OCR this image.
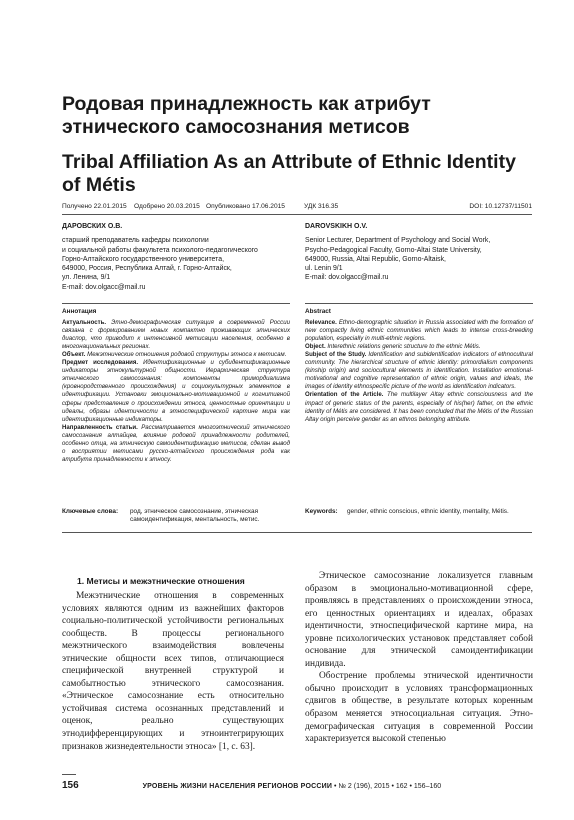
Родовая принадлежность как атрибут этнического самосознания метисов
Tribal Affiliation As an Attribute of Ethnic Identity of Métis
Получено 22.01.2015 Одобрено 20.03.2015 Опубликовано 17.06.2015	УДК 316.35	DOI: 10.12737/11501
ДАРОВСКИХ О.В.
старший преподаватель кафедры психологии
и социальной работы факультета психолого-педагогического
Горно-Алтайского государственного университета,
649000, Россия, Республика Алтай, г. Горно-Алтайск,
ул. Ленина, 9/1
E-mail: dov.olgacc@mail.ru
DAROVSKIKH O.V.
Senior Lecturer, Department of Psychology and Social Work,
Psycho-Pedagogical Faculty, Gorno-Altai State University,
649000, Russia, Altai Republic, Gorno-Altaisk,
ul. Lenin 9/1
E-mail: dov.olgacc@mail.ru
Аннотация
Актуальность. Этно-демографическая ситуация в современной России связана с формированием новых компактно проживающих этнических диаспор, что приводит к интенсивной метисации населения, особенно в многонациональных регионах.
Объект. Межэтнические отношения родовой структуры этноса к метисам.
Предмет исследования. Идентификационные и субидентификационные индикаторы этнокультурной общности. Иерархическая структура этнического самосознания: компоненты примордиализма (кровнородственного происхождения) и социокультурных элементов в идентификации. Установки эмоционально-мотивационной и когнитивной сферы представления о происхождении этноса, ценностные ориентации и идеалы, образы идентичности в этноспецифической картине мира как идентификационные индикаторы.
Направленность статьи. Рассматривается многоэтнический этнического самосознания алтайцев, влияние родовой принадлежности родителей, особенно отца, на этническую самоидентификацию метисов, сделан вывод о восприятии метисами русско-алтайского происхождения рода как атрибута принадлежности к этносу.
Abstract
Relevance. Ethno-demographic situation in Russia associated with the formation of new compactly living ethnic communities which leads to intense cross-breeding population, especially in multi-ethnic regions.
Object. Interethnic relations generic structure to the ethnic Métis.
Subject of the Study. Identification and subidentification indicators of ethnocultural community. The hierarchical structure of ethnic identity: primordialism components (kinship origin) and sociocultural elements in identification. Installation emotional-motivational and cognitive representation of ethnic origin, values and ideals, the images of identity ethnospecific picture of the world as identification indicators.
Orientation of the Article. The multilayer Altay ethnic consciousness and the impact of generic status of the parents, especially of his(her) father, on the ethnic identity of Métis are considered. It has been concluded that the Métis of the Russian Altay origin perceive gender as an ethnos belonging attribute.
Ключевые слова:	род, этническое самосознание, этническая самоидентификация, ментальность, метис.
Keywords:	gender, ethnic conscious, ethnic identity, mentality, Métis.
1. Метисы и межэтнические отношения

Межэтнические отношения в современных условиях являются одним из важнейших факторов социально-политической устойчивости региональных сообществ. В процессы регионального межэтнического взаимодействия вовлечены этнические общности всех типов, отличающиеся специфической внутренней структурой и самобытностью этнического самосознания. «Этническое самосознание есть относительно устойчивая система осознанных представлений и оценок, реально существующих этнодифференцирующих и этноинтегрирующих признаков жизнедеятельности этноса» [1, с. 63].

Этническое самосознание локализуется главным образом в эмоционально-мотивационной сфере, проявляясь в представлениях о происхождении этноса, его ценностных ориентациях и идеалах, образах идентичности, этноспецифической картине мира, на уровне психологических установок представляет собой основание для этнической самоидентификации индивида.

Обострение проблемы этнической идентичности обычно происходит в условиях трансформационных сдвигов в обществе, в результате которых коренным образом меняется этносоциальная ситуация. Этно-демографическая ситуация в современной России характеризуется высокой степенью

156	УРОВЕНЬ ЖИЗНИ НАСЕЛЕНИЯ РЕГИОНОВ РОССИИ • № 2 (196), 2015 • 162 • 156–160
